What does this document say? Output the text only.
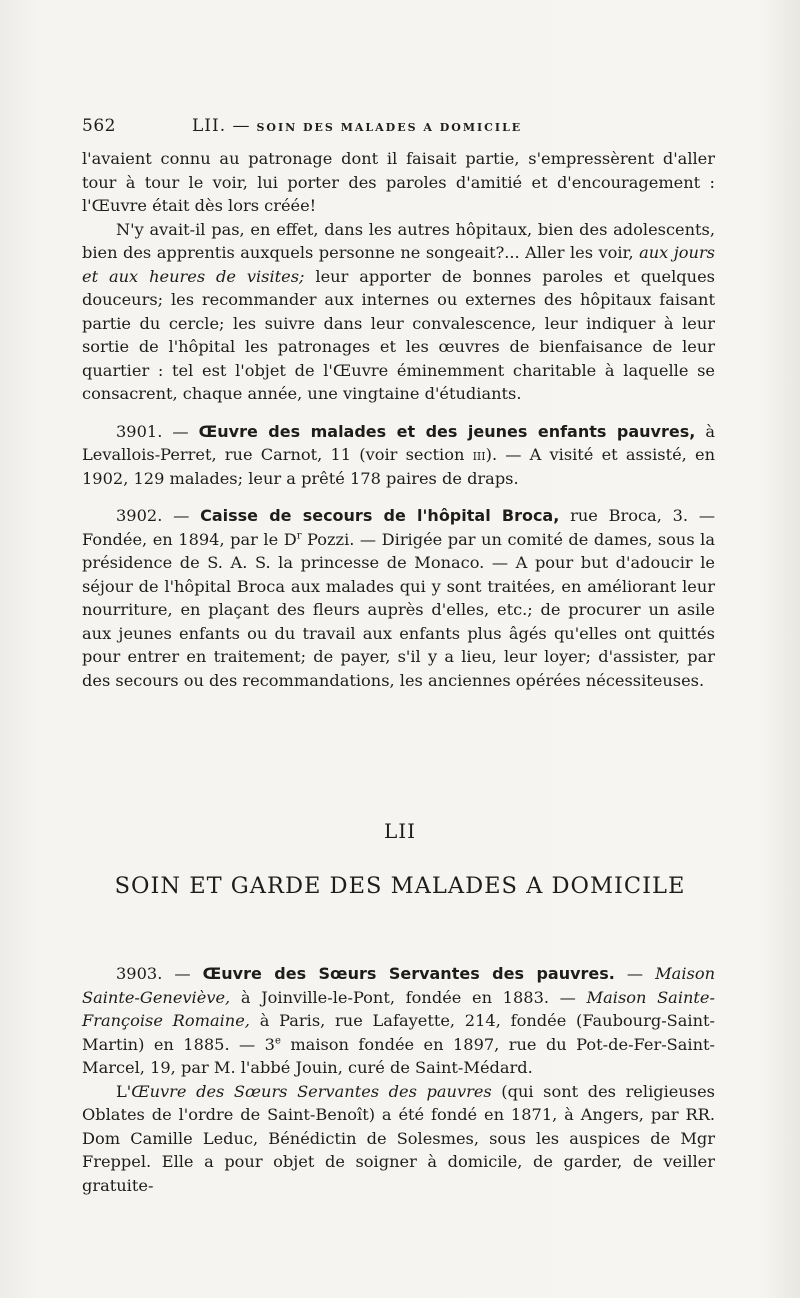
562	LII. — SOIN DES MALADES A DOMICILE

l'avaient connu au patronage dont il faisait partie, s'empressèrent d'aller tour à tour le voir, lui porter des paroles d'amitié et d'encouragement : l'Œuvre était dès lors créée!

N'y avait-il pas, en effet, dans les autres hôpitaux, bien des adolescents, bien des apprentis auxquels personne ne songeait?... Aller les voir, aux jours et aux heures de visites; leur apporter de bonnes paroles et quelques douceurs; les recommander aux internes ou externes des hôpitaux faisant partie du cercle; les suivre dans leur convalescence, leur indiquer à leur sortie de l'hôpital les patronages et les œuvres de bienfaisance de leur quartier : tel est l'objet de l'Œuvre éminemment charitable à laquelle se consacrent, chaque année, une vingtaine d'étudiants.

3901. — Œuvre des malades et des jeunes enfants pauvres, à Levallois-Perret, rue Carnot, 11 (voir section iii). — A visité et assisté, en 1902, 129 malades; leur a prêté 178 paires de draps.

3902. — Caisse de secours de l'hôpital Broca, rue Broca, 3. — Fondée, en 1894, par le $D^r$ Pozzi. — Dirigée par un comité de dames, sous la présidence de S. A. S. la princesse de Monaco. — A pour but d'adoucir le séjour de l'hôpital Broca aux malades qui y sont traitées, en améliorant leur nourriture, en plaçant des fleurs auprès d'elles, etc.; de procurer un asile aux jeunes enfants ou du travail aux enfants plus âgés qu'elles ont quittés pour entrer en traitement; de payer, s'il y a lieu, leur loyer; d'assister, par des secours ou des recommandations, les anciennes opérées nécessiteuses.

LII
SOIN ET GARDE DES MALADES A DOMICILE

3903. — Œuvre des Sœurs Servantes des pauvres. — Maison Sainte-Geneviève, à Joinville-le-Pont, fondée en 1883. — Maison Sainte-Françoise Romaine, à Paris, rue Lafayette, 214, fondée (Faubourg-Saint-Martin) en 1885. — 3e maison fondée en 1897, rue du Pot-de-Fer-Saint-Marcel, 19, par M. l'abbé Jouin, curé de Saint-Médard.

L'Œuvre des Sœurs Servantes des pauvres (qui sont des religieuses Oblates de l'ordre de Saint-Benoît) a été fondé en 1871, à Angers, par RR. Dom Camille Leduc, Bénédictin de Solesmes, sous les auspices de Mgr Freppel. Elle a pour objet de soigner à domicile, de garder, de veiller gratuite-
